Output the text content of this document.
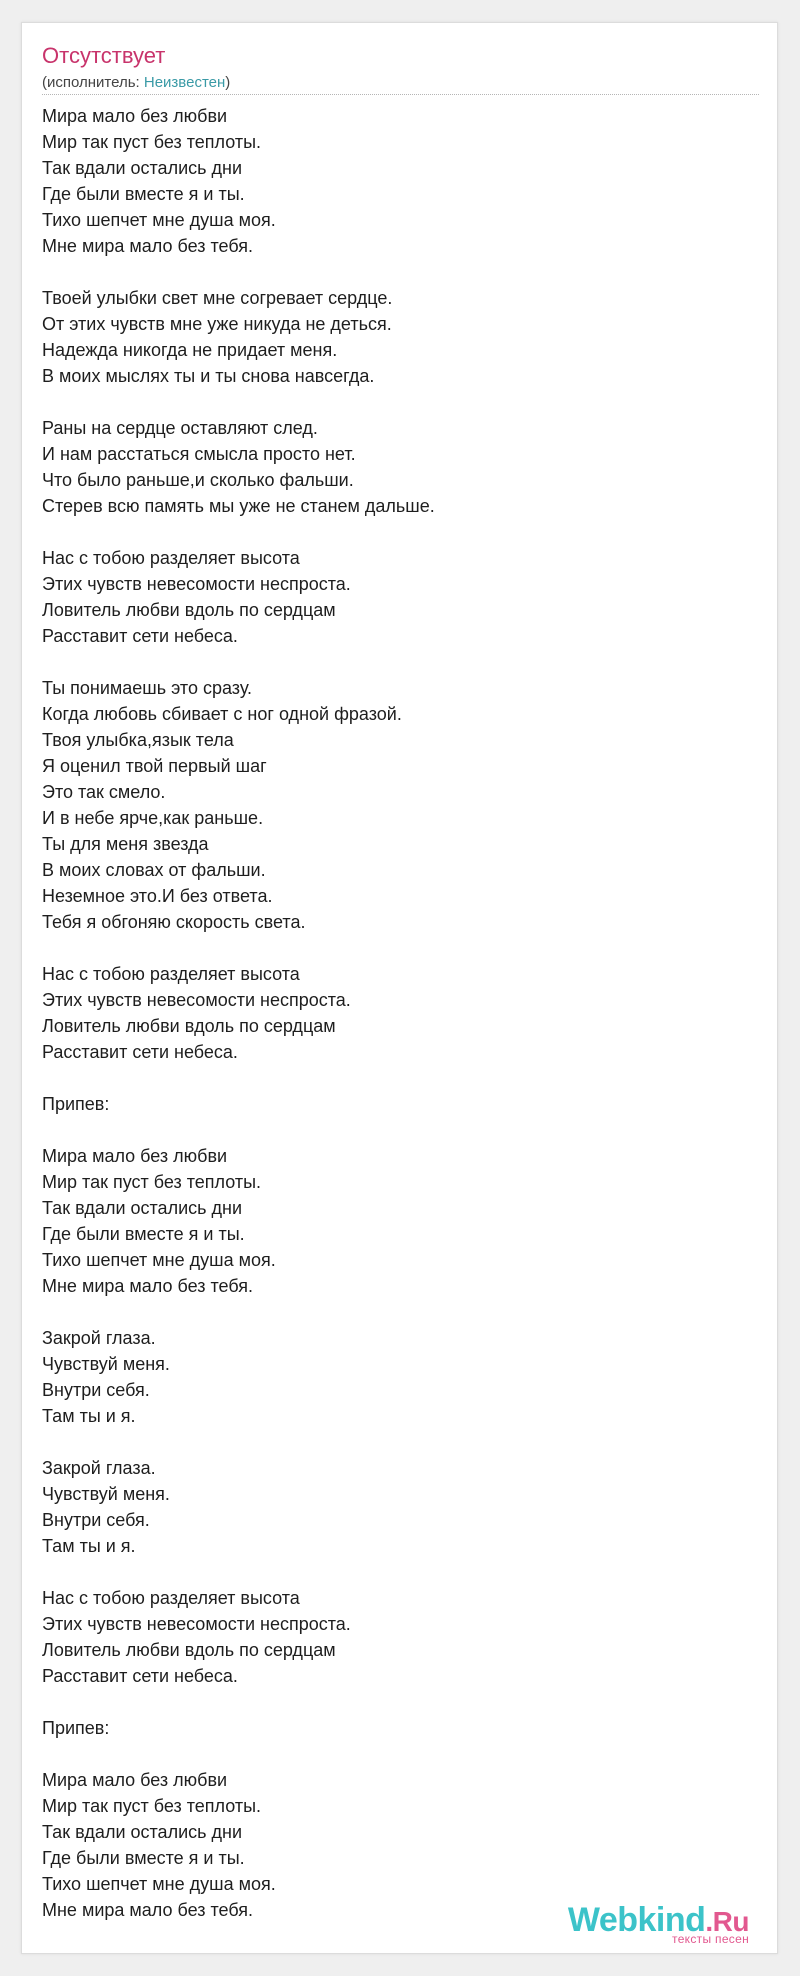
Отсутствует
(исполнитель: Неизвестен)
Мира мало без любви
Мир так пуст без теплоты.
Так вдали остались дни
Где были вместе я и ты.
Тихо шепчет мне душа моя.
Мне мира мало без тебя.
Твоей улыбки свет мне согревает сердце.
От этих чувств мне уже никуда не деться.
Надежда никогда не придает меня.
В моих мыслях ты и ты снова навсегда.
Раны на сердце оставляют след.
И нам расстаться смысла просто нет.
Что было раньше,и сколько фальши.
Стерев всю память мы уже не станем дальше.
Нас с тобою разделяет высота
Этих чувств невесомости неспроста.
Ловитель любви вдоль по сердцам
Расставит сети небеса.
Ты понимаешь это сразу.
Когда любовь сбивает с ног одной фразой.
Твоя улыбка,язык тела
Я оценил твой первый шаг
Это так смело.
И в небе ярче,как раньше.
Ты для меня звезда
В моих словах от фальши.
Неземное это.И без ответа.
Тебя я обгоняю скорость света.
Нас с тобою разделяет высота
Этих чувств невесомости неспроста.
Ловитель любви вдоль по сердцам
Расставит сети небеса.
Припев:
Мира мало без любви
Мир так пуст без теплоты.
Так вдали остались дни
Где были вместе я и ты.
Тихо шепчет мне душа моя.
Мне мира мало без тебя.
Закрой глаза.
Чувствуй меня.
Внутри себя.
Там ты и я.
Закрой глаза.
Чувствуй меня.
Внутри себя.
Там ты и я.
Нас с тобою разделяет высота
Этих чувств невесомости неспроста.
Ловитель любви вдоль по сердцам
Расставит сети небеса.
Припев:
Мира мало без любви
Мир так пуст без теплоты.
Так вдали остались дни
Где были вместе я и ты.
Тихо шепчет мне душа моя.
Мне мира мало без тебя.	Webkind.Ru
тексты песен
